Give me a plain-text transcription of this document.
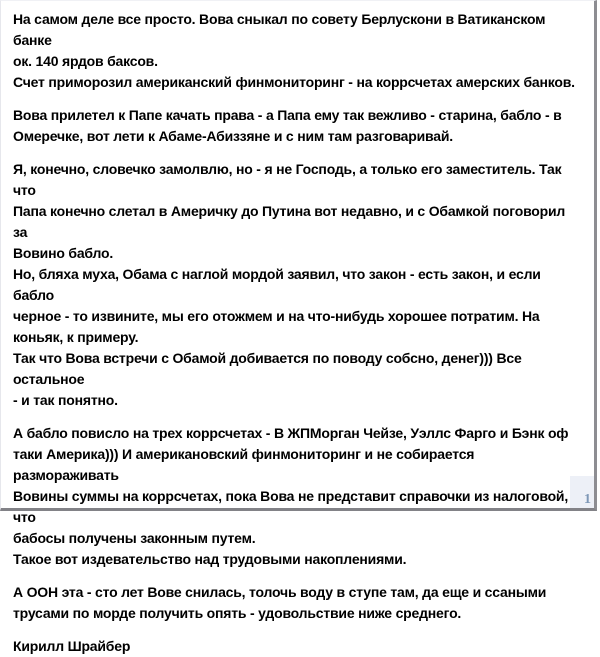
На самом деле все просто. Вова сныкал по совету Берлускони в Ватиканском банке
ок. 140 ярдов баксов.
Счет приморозил американский финмониторинг - на коррсчетах амерских банков.

Вова прилетел к Папе качать права - а Папа ему так вежливо - старина, бабло - в
Омеречке, вот лети к Абаме-Абиззяне и с ним там разговаривай.

Я, конечно, словечко замолвлю, но - я не Господь, а только его заместитель. Так что
Папа конечно слетал в Америчку до Путина вот недавно, и с Обамкой поговорил за
Вовино бабло.
Но, бляха муха, Обама с наглой мордой заявил, что закон - есть закон, и если бабло
черное - то извините, мы его отожмем и на что-нибудь хорошее потратим. На
коньяк, к примеру.
Так что Вова встречи с Обамой добивается по поводу собсно, денег))) Все остальное
- и так понятно.

А бабло повисло на трех коррсчетах - В ЖПМорган Чейзе, Уэллс Фарго и Бэнк оф
таки Америка))) И американовский финмониторинг и не собирается размораживать
Вовины суммы на коррсчетах, пока Вова не представит справочки из налоговой, что
бабосы получены законным путем.
Такое вот издевательство над трудовыми накоплениями.

А ООН эта - сто лет Вове снилась, толочь воду в ступе там, да еще и ссаными
трусами по морде получить опять - удовольствие ниже среднего.

Кирилл Шрайбер

1
